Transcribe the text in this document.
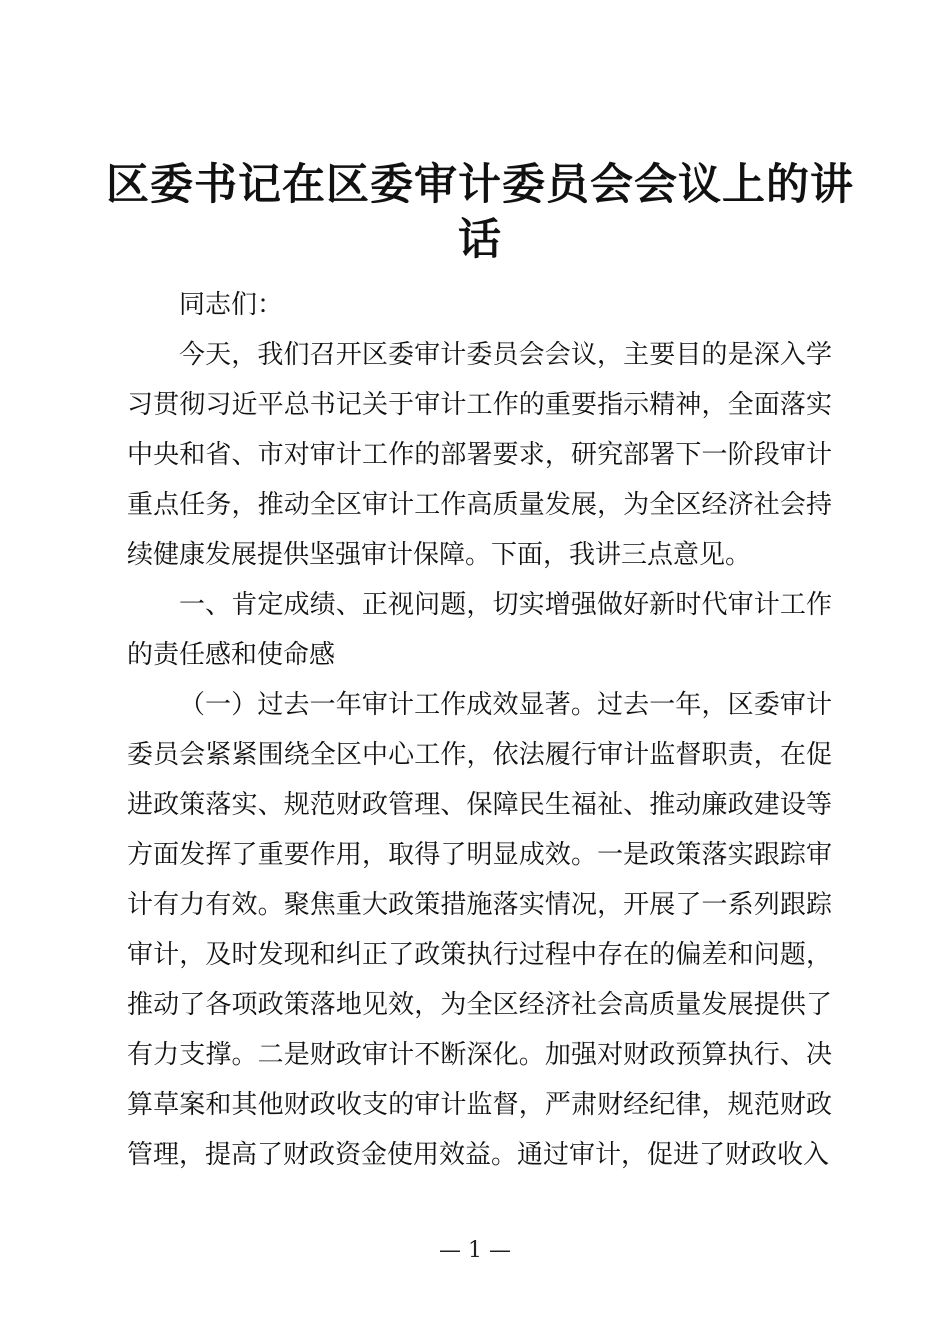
区委书记在区委审计委员会会议上的讲话

同志们：

今天，我们召开区委审计委员会会议，主要目的是深入学习贯彻习近平总书记关于审计工作的重要指示精神，全面落实中央和省、市对审计工作的部署要求，研究部署下一阶段审计重点任务，推动全区审计工作高质量发展，为全区经济社会持续健康发展提供坚强审计保障。下面，我讲三点意见。

一、肯定成绩、正视问题，切实增强做好新时代审计工作的责任感和使命感

（一）过去一年审计工作成效显著。过去一年，区委审计委员会紧紧围绕全区中心工作，依法履行审计监督职责，在促进政策落实、规范财政管理、保障民生福祉、推动廉政建设等方面发挥了重要作用，取得了明显成效。一是政策落实跟踪审计有力有效。聚焦重大政策措施落实情况，开展了一系列跟踪审计，及时发现和纠正了政策执行过程中存在的偏差和问题，推动了各项政策落地见效，为全区经济社会高质量发展提供了有力支撑。二是财政审计不断深化。加强对财政预算执行、决算草案和其他财政收支的审计监督，严肃财经纪律，规范财政管理，提高了财政资金使用效益。通过审计，促进了财政收入

— 1 —
